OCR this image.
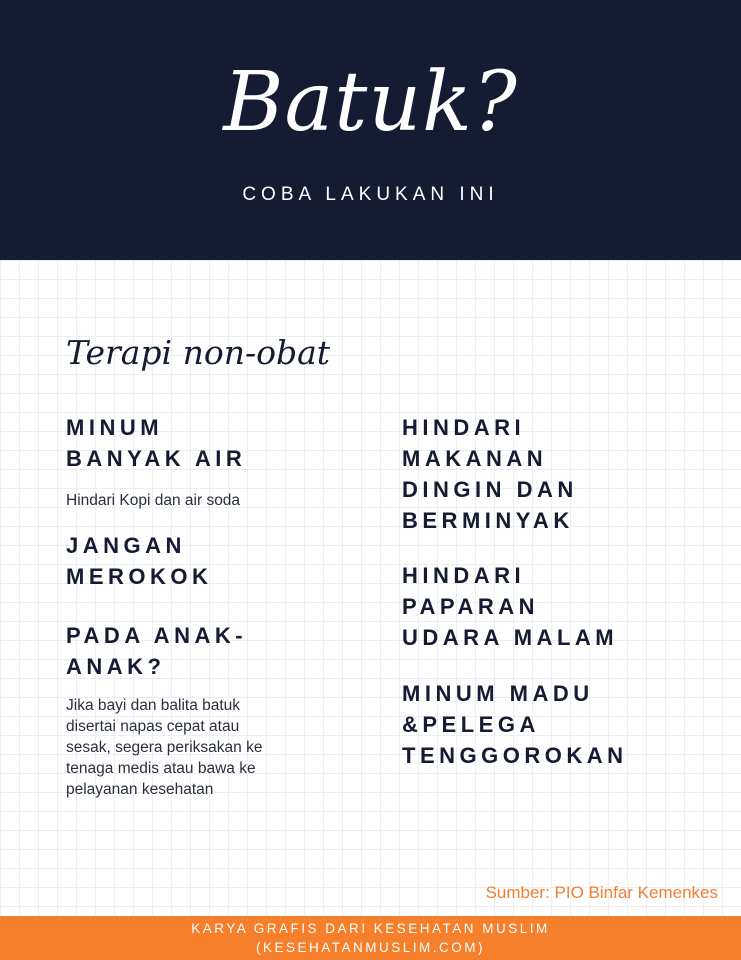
Batuk?
COBA LAKUKAN INI
Terapi non-obat
MINUM
BANYAK AIR
Hindari Kopi dan air soda
JANGAN
MEROKOK
PADA ANAK-
ANAK?
Jika bayi dan balita batuk
disertai napas cepat atau
sesak, segera periksakan ke
tenaga medis atau bawa ke
pelayanan kesehatan
HINDARI
MAKANAN
DINGIN DAN
BERMINYAK
HINDARI
PAPARAN
UDARA MALAM
MINUM MADU
&PELEGA
TENGGOROKAN
Sumber: PIO Binfar Kemenkes
KARYA GRAFIS DARI KESEHATAN MUSLIM
(KESEHATANMUSLIM.COM)
